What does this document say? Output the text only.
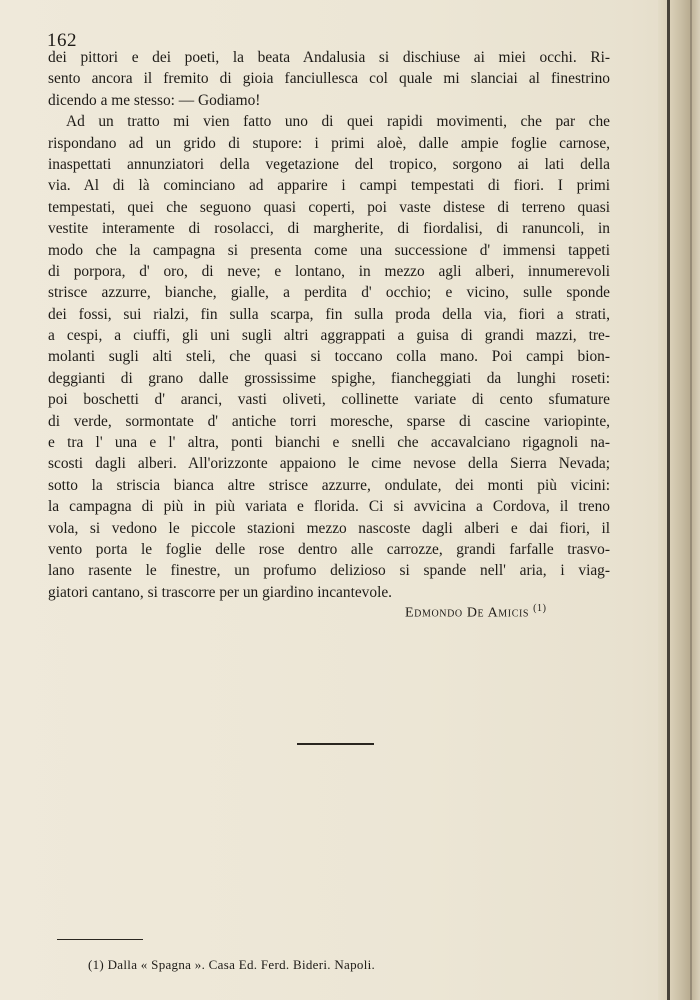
162
dei pittori e dei poeti, la beata Andalusia si dischiuse ai miei occhi. Ri-
sento ancora il fremito di gioia fanciullesca col quale mi slanciai al finestrino
dicendo a me stesso: — Godiamo!
Ad un tratto mi vien fatto uno di quei rapidi movimenti, che par che
rispondano ad un grido di stupore: i primi aloè, dalle ampie foglie carnose,
inaspettati annunziatori della vegetazione del tropico, sorgono ai lati della
via. Al di là cominciano ad apparire i campi tempestati di fiori. I primi
tempestati, quei che seguono quasi coperti, poi vaste distese di terreno quasi
vestite interamente di rosolacci, di margherite, di fiordalisi, di ranuncoli, in
modo che la campagna si presenta come una successione d' immensi tappeti
di porpora, d' oro, di neve; e lontano, in mezzo agli alberi, innumerevoli
strisce azzurre, bianche, gialle, a perdita d' occhio; e vicino, sulle sponde
dei fossi, sui rialzi, fin sulla scarpa, fin sulla proda della via, fiori a strati,
a cespi, a ciuffi, gli uni sugli altri aggrappati a guisa di grandi mazzi, tre-
molanti sugli alti steli, che quasi si toccano colla mano. Poi campi bion-
deggianti di grano dalle grossissime spighe, fiancheggiati da lunghi roseti:
poi boschetti d' aranci, vasti oliveti, collinette variate di cento sfumature
di verde, sormontate d' antiche torri moresche, sparse di cascine variopinte,
e tra l' una e l' altra, ponti bianchi e snelli che accavalciano rigagnoli na-
scosti dagli alberi. All'orizzonte appaiono le cime nevose della Sierra Nevada;
sotto la striscia bianca altre strisce azzurre, ondulate, dei monti più vicini:
la campagna di più in più variata e florida. Ci si avvicina a Cordova, il treno
vola, si vedono le piccole stazioni mezzo nascoste dagli alberi e dai fiori, il
vento porta le foglie delle rose dentro alle carrozze, grandi farfalle trasvo-
lano rasente le finestre, un profumo delizioso si spande nell' aria, i viag-
giatori cantano, si trascorre per un giardino incantevole.
Edmondo De Amicis $^{(1)}$
(1) Dalla « Spagna ». Casa Ed. Ferd. Bideri. Napoli.
